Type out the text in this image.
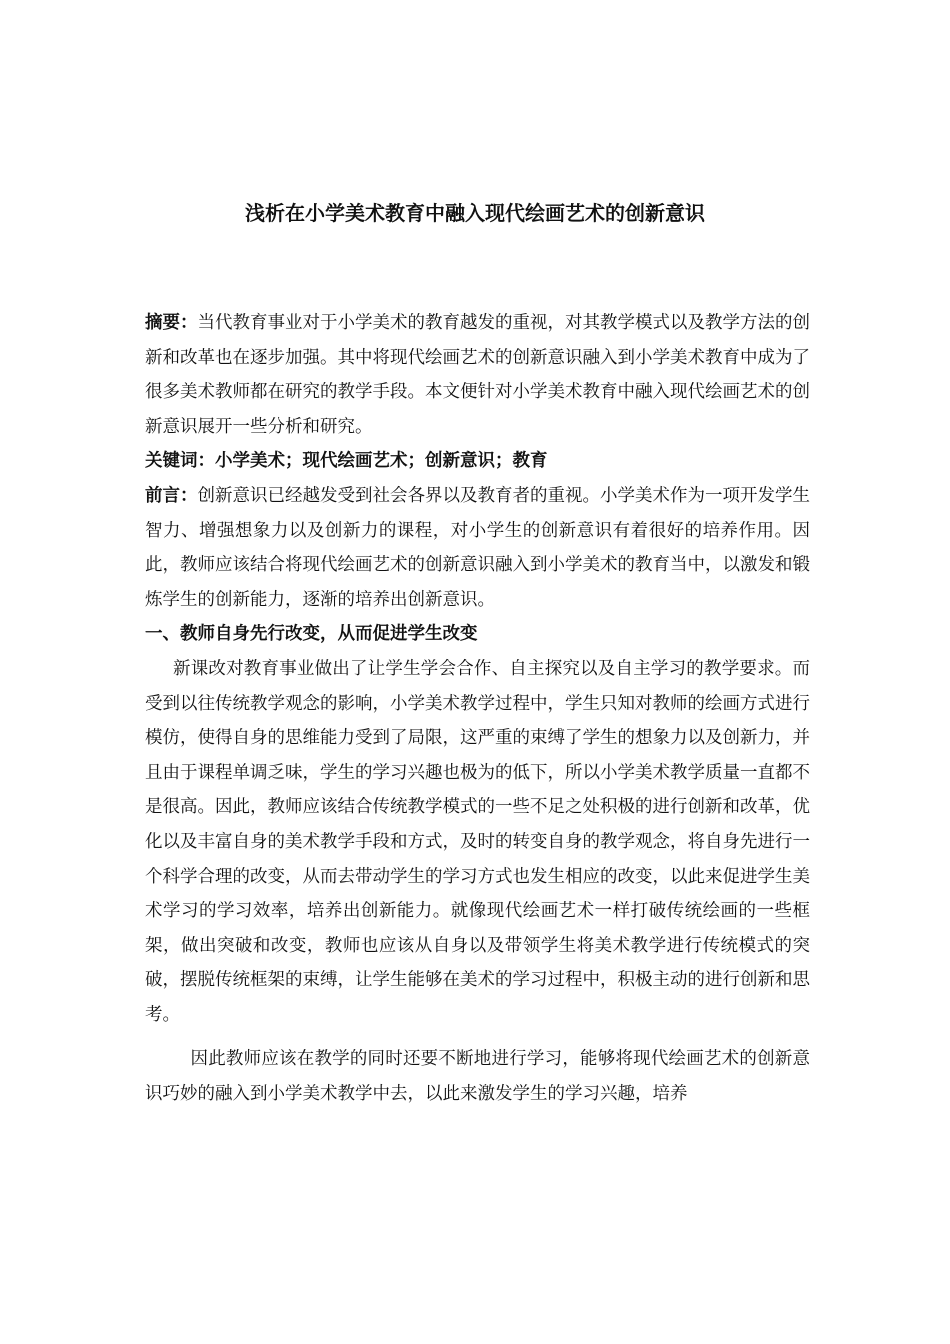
浅析在小学美术教育中融入现代绘画艺术的创新意识

摘要：当代教育事业对于小学美术的教育越发的重视，对其教学模式以及教学方法的创新和改革也在逐步加强。其中将现代绘画艺术的创新意识融入到小学美术教育中成为了很多美术教师都在研究的教学手段。本文便针对小学美术教育中融入现代绘画艺术的创新意识展开一些分析和研究。

关键词：小学美术；现代绘画艺术；创新意识；教育

前言：创新意识已经越发受到社会各界以及教育者的重视。小学美术作为一项开发学生智力、增强想象力以及创新力的课程，对小学生的创新意识有着很好的培养作用。因此，教师应该结合将现代绘画艺术的创新意识融入到小学美术的教育当中，以激发和锻炼学生的创新能力，逐渐的培养出创新意识。

一、教师自身先行改变，从而促进学生改变

新课改对教育事业做出了让学生学会合作、自主探究以及自主学习的教学要求。而受到以往传统教学观念的影响，小学美术教学过程中，学生只知对教师的绘画方式进行模仿，使得自身的思维能力受到了局限，这严重的束缚了学生的想象力以及创新力，并且由于课程单调乏味，学生的学习兴趣也极为的低下，所以小学美术教学质量一直都不是很高。因此，教师应该结合传统教学模式的一些不足之处积极的进行创新和改革，优化以及丰富自身的美术教学手段和方式，及时的转变自身的教学观念，将自身先进行一个科学合理的改变，从而去带动学生的学习方式也发生相应的改变，以此来促进学生美术学习的学习效率，培养出创新能力。就像现代绘画艺术一样打破传统绘画的一些框架，做出突破和改变，教师也应该从自身以及带领学生将美术教学进行传统模式的突破，摆脱传统框架的束缚，让学生能够在美术的学习过程中，积极主动的进行创新和思考。

因此教师应该在教学的同时还要不断地进行学习，能够将现代绘画艺术的创新意识巧妙的融入到小学美术教学中去，以此来激发学生的学习兴趣，培养
